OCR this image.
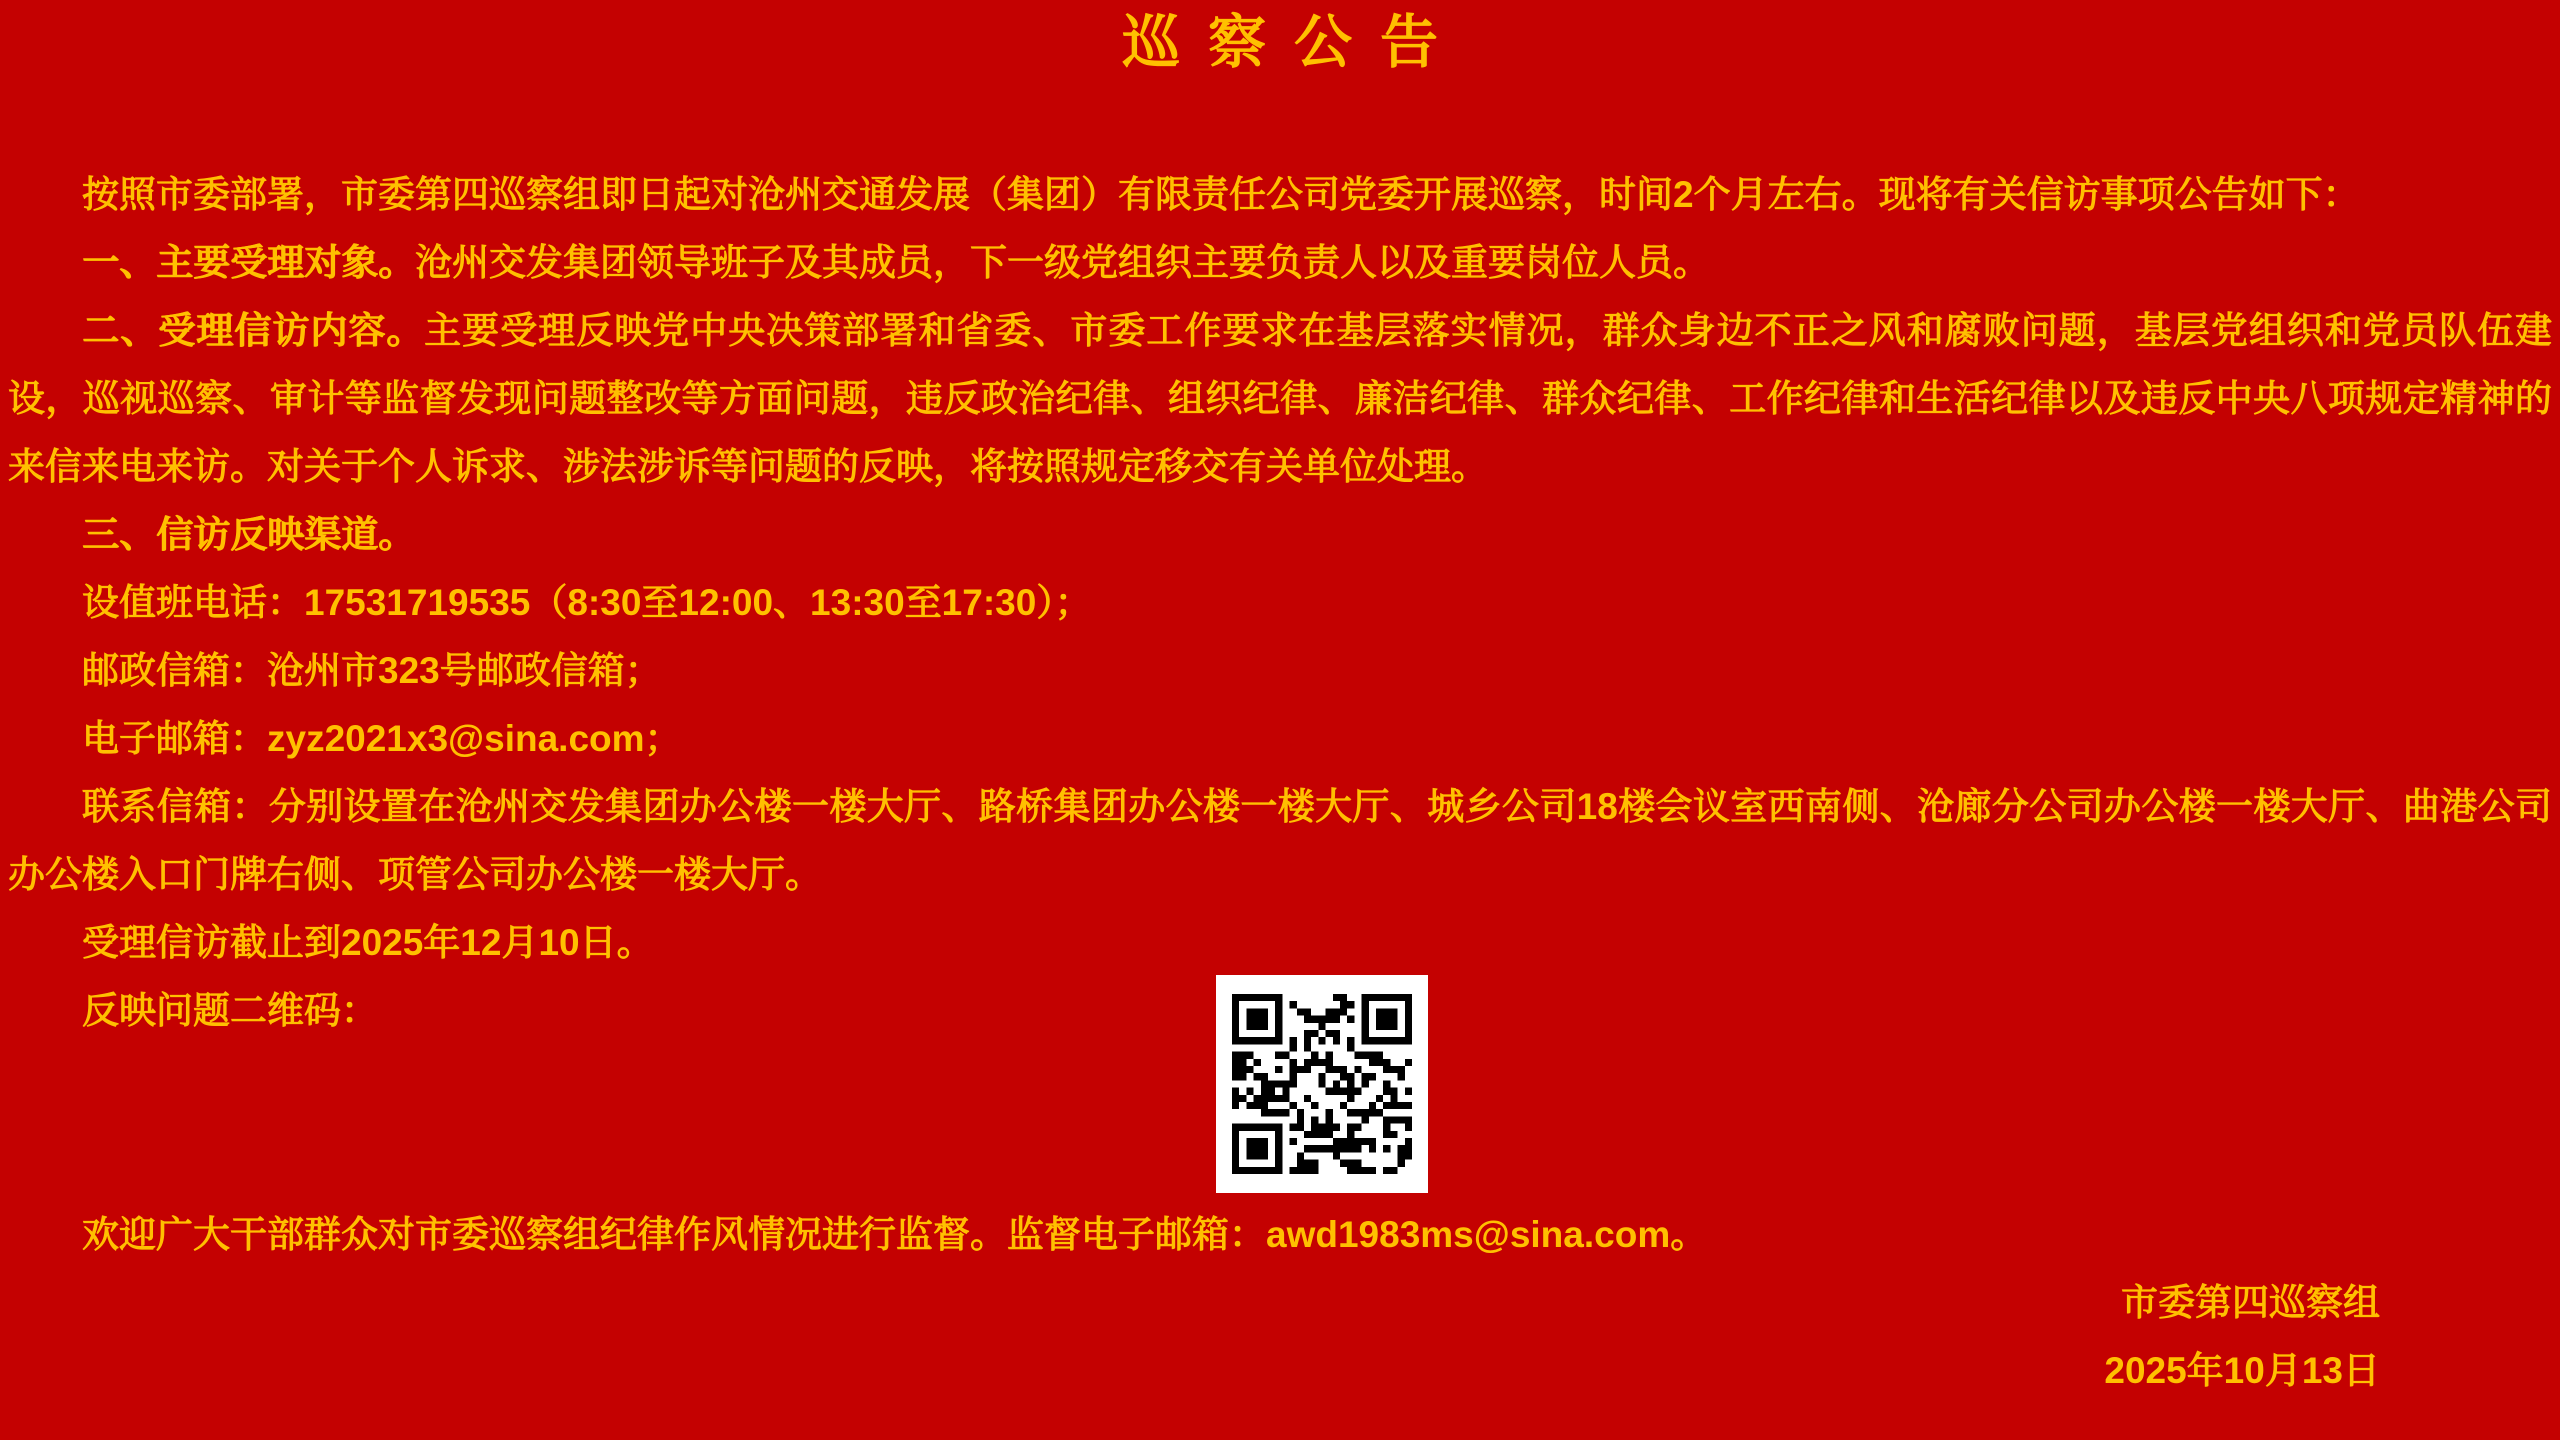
巡察公告

按照市委部署，市委第四巡察组即日起对沧州交通发展（集团）有限责任公司党委开展巡察，时间2个月左右。现将有关信访事项公告如下：

一、主要受理对象。沧州交发集团领导班子及其成员，下一级党组织主要负责人以及重要岗位人员。

二、受理信访内容。主要受理反映党中央决策部署和省委、市委工作要求在基层落实情况，群众身边不正之风和腐败问题，基层党组织和党员队伍建设，巡视巡察、审计等监督发现问题整改等方面问题，违反政治纪律、组织纪律、廉洁纪律、群众纪律、工作纪律和生活纪律以及违反中央八项规定精神的来信来电来访。对关于个人诉求、涉法涉诉等问题的反映，将按照规定移交有关单位处理。

三、信访反映渠道。

设值班电话：17531719535（8:30至12:00、13:30至17:30）；

邮政信箱：沧州市323号邮政信箱；

电子邮箱：zyz2021x3@sina.com；

联系信箱：分别设置在沧州交发集团办公楼一楼大厅、路桥集团办公楼一楼大厅、城乡公司18楼会议室西南侧、沧廊分公司办公楼一楼大厅、曲港公司办公楼入口门牌右侧、项管公司办公楼一楼大厅。

受理信访截止到2025年12月10日。

反映问题二维码：

欢迎广大干部群众对市委巡察组纪律作风情况进行监督。监督电子邮箱：awd1983ms@sina.com。

市委第四巡察组

2025年10月13日
